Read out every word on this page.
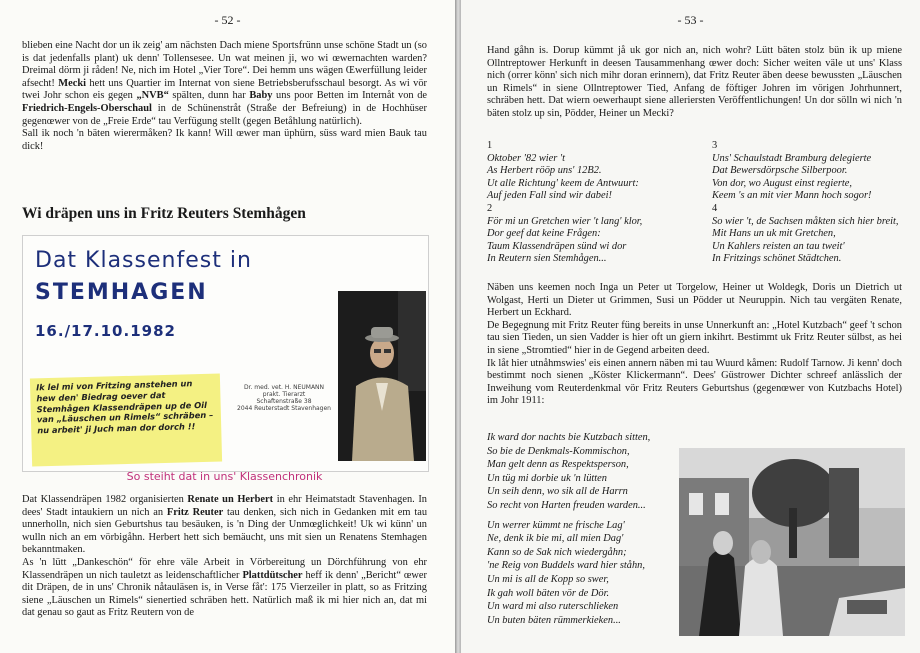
- 52 -

blieben eine Nacht dor un ik zeig' am nächsten Dach miene Sportsfrünn unse schöne Stadt un (so is dat jedenfalls plant) uk denn' Tollensesee. Un wat meinen ji, wo wi œwernachten warden? Dreimal dörm ji råden! Ne, nich im Hotel „Vier Tore“. Dei hemm uns wägen Œwerfüllung leider afsecht! Mecki hett uns Quartier im Internat von siene Betriebsberufsschaul besorgt. As wi vör twei Johr schon eis gegen „NVB“ spälten, dunn har Baby uns poor Betten im Internåt von de Friedrich-Engels-Oberschaul in de Schünenstråt (Straße der Befreiung) in de Hochhüser gegenœwer von de „Freie Erde“ tau Verfügung stellt (gegen Betåhlung natürlich).

Sall ik noch 'n bäten wierermåken? Ik kann! Will œwer man üphürn, süss ward mien Bauk tau dick!

Wi dräpen uns in Fritz Reuters Stemhågen
Dat Klassenfest in
STEMHAGEN
16./17.10.1982
Ik lel mi von Fritzing anstehen un hew den' Biedrag oever dat Stemhågen Klassendräpen up de Oil van „Läuschen un Rimels“ schräben – nu arbeit' ji Juch man dor dorch !!
Dr. med. vet. H. NEUMANN
prakt. Tierarzt
Schaftenstraße 38
2044 Reuterstadt Stavenhagen
So steiht dat in uns' Klassenchronik

Dat Klassendräpen 1982 organisierten Renate un Herbert in ehr Heimatstadt Stavenhagen. In dees' Stadt intaukiern un nich an Fritz Reuter tau denken, sich nich in Gedanken mit em tau unnerholln, nich sien Geburtshus tau besäuken, is 'n Ding der Unmœglichkeit! Uk wi künn' un wulln nich an em vörbigåhn. Herbert hett sich bemäucht, uns mit sien un Renatens Stemhagen bekanntmaken.

As 'n lütt „Dankeschön“ för ehre väle Arbeit in Vörbereitung un Dörchführung von ehr Klassendräpen un nich tauletzt as leidenschaftlicher Plattdütscher heff ik denn' „Bericht“ œwer dit Dräpen, de in uns' Chronik nåtauläsen is, in Verse fåt': 175 Vierzeiler in platt, so as Fritzing siene „Läuschen un Rimels“ sienertied schräben hett. Natürlich maß ik mi hier nich an, dat mi dat genau so gaut as Fritz Reutern von de

- 53 -
Hand gåhn is. Dorup kümmt jå uk gor nich an, nich wohr? Lütt bäten stolz bün ik up miene Ollntreptower Herkunft in deesen Tausammenhang œwer doch: Sicher weiten väle ut uns' Klass nich (orrer könn' sich nich mihr doran erinnern), dat Fritz Reuter äben deese bewussten „Läuschen un Rimels“ in siene Ollntreptower Tied, Anfang de föftiger Johren im vörigen Johrhunnert, schräben hett. Dat wiern oewerhaupt siene alleriersten Veröffentlichungen! Un dor sölln wi nich 'n bäten stolz up sin, Pödder, Heiner un Mecki?
1
Oktober '82 wier 't
As Herbert rööp uns' 12B2.
Ut alle Richtung' keem de Antwuurt:
Auf jeden Fall sind wir dabei!
2
För mi un Gretchen wier 't lang' klor,
Dor geef dat keine Frågen:
Taum Klassendräpen sünd wi dor
In Reutern sien Stemhågen...
3
Uns' Schaulstadt Bramburg delegierte
Dat Bewersdörpsche Silberpoor.
Von dor, wo August einst regierte,
Keem 's an mit vier Mann hoch sogor!
4
So wier 't, de Sachsen måkten sich hier breit,
Mit Hans un uk mit Gretchen,
Un Kahlers reisten an tau tweit'
In Fritzings schönet Städtchen.

Näben uns keemen noch Inga un Peter ut Torgelow, Heiner ut Woldegk, Doris un Dietrich ut Wolgast, Herti un Dieter ut Grimmen, Susi un Pödder ut Neuruppin. Nich tau vergäten Renate, Herbert un Eckhard.

De Begegnung mit Fritz Reuter füng bereits in unse Unnerkunft an: „Hotel Kutzbach“ geef 't schon tau sien Tieden, un sien Vadder is hier oft un giern inkihrt. Bestimmt uk Fritz Reuter sülbst, as hei in siene „Stromtied“ hier in de Gegend arbeiten deed.

Ik låt hier utnåhmswies' eis einen annern näben mi tau Wuurd kåmen: Rudolf Tarnow. Ji kenn' doch bestimmt noch sienen „Köster Klickermann“. Dees' Güstrower Dichter schreef anlässlich der Inweihung vom Reuterdenkmal vör Fritz Reuters Geburtshus (gegenœwer von Kutzbachs Hotel) im Johr 1911:

Ik ward dor nachts bie Kutzbach sitten,
So bie de Denkmals-Kommischon,
Man gelt denn as Respektsperson,
Un tüg mi dorbie uk 'n lütten
Un seih denn, wo sik all de Harrn
So recht von Harten freuden warden...
Un werrer kümmt ne frische Lag'
Ne, denk ik bie mi, all mien Dag'
Kann so de Sak nich wiedergåhn;
'ne Reig von Buddels ward hier ståhn,
Un mi is all de Kopp so swer,
Ik gah woll bäten vör de Dör.
Un ward mi also ruterschlieken
Un buten bäten rümmerkieken...
